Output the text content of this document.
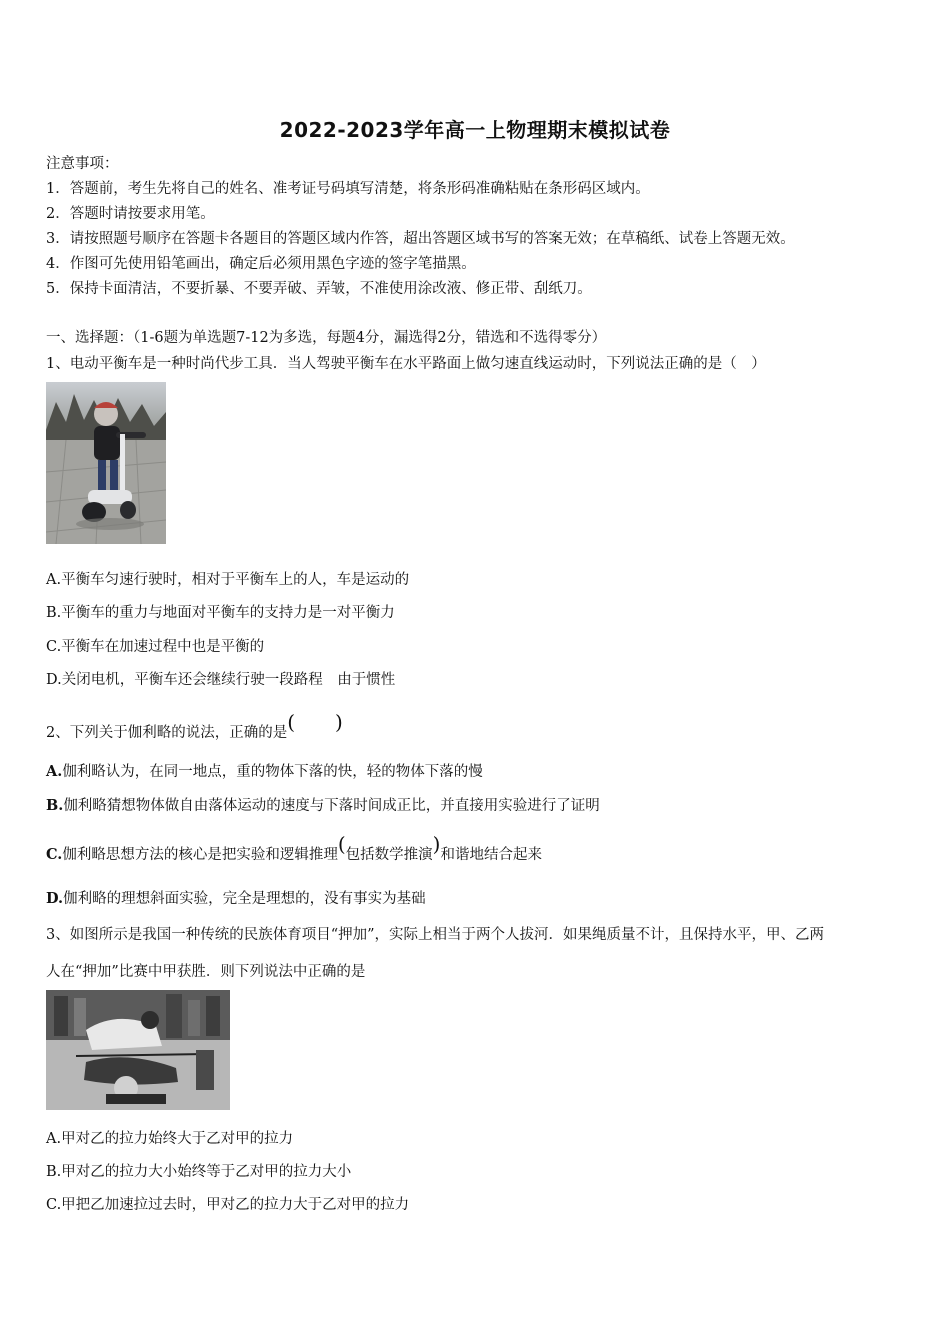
2022-2023学年高一上物理期末模拟试卷
注意事项：
1．答题前，考生先将自己的姓名、准考证号码填写清楚，将条形码准确粘贴在条形码区域内。
2．答题时请按要求用笔。
3．请按照题号顺序在答题卡各题目的答题区域内作答，超出答题区域书写的答案无效；在草稿纸、试卷上答题无效。
4．作图可先使用铅笔画出，确定后必须用黑色字迹的签字笔描黑。
5．保持卡面清洁，不要折暴、不要弄破、弄皱，不准使用涂改液、修正带、刮纸刀。
一、选择题：（1-6题为单选题7-12为多选，每题4分，漏选得2分，错选和不选得零分）
1、电动平衡车是一种时尚代步工具．当人驾驶平衡车在水平路面上做匀速直线运动时，下列说法正确的是（　）
A.平衡车匀速行驶时，相对于平衡车上的人，车是运动的
B.平衡车的重力与地面对平衡车的支持力是一对平衡力
C.平衡车在加速过程中也是平衡的
D.关闭电机，平衡车还会继续行驶一段路程　由于惯性
2、下列关于伽利略的说法，正确的是(　　)
A.伽利略认为，在同一地点，重的物体下落的快，轻的物体下落的慢
B.伽利略猜想物体做自由落体运动的速度与下落时间成正比，并直接用实验进行了证明
C.伽利略思想方法的核心是把实验和逻辑推理(包括数学推演)和谐地结合起来
D.伽利略的理想斜面实验，完全是理想的，没有事实为基础
3、如图所示是我国一种传统的民族体育项目“押加”，实际上相当于两个人拔河．如果绳质量不计，且保持水平，甲、乙两
人在“押加”比赛中甲获胜．则下列说法中正确的是
A.甲对乙的拉力始终大于乙对甲的拉力
B.甲对乙的拉力大小始终等于乙对甲的拉力大小
C.甲把乙加速拉过去时，甲对乙的拉力大于乙对甲的拉力
